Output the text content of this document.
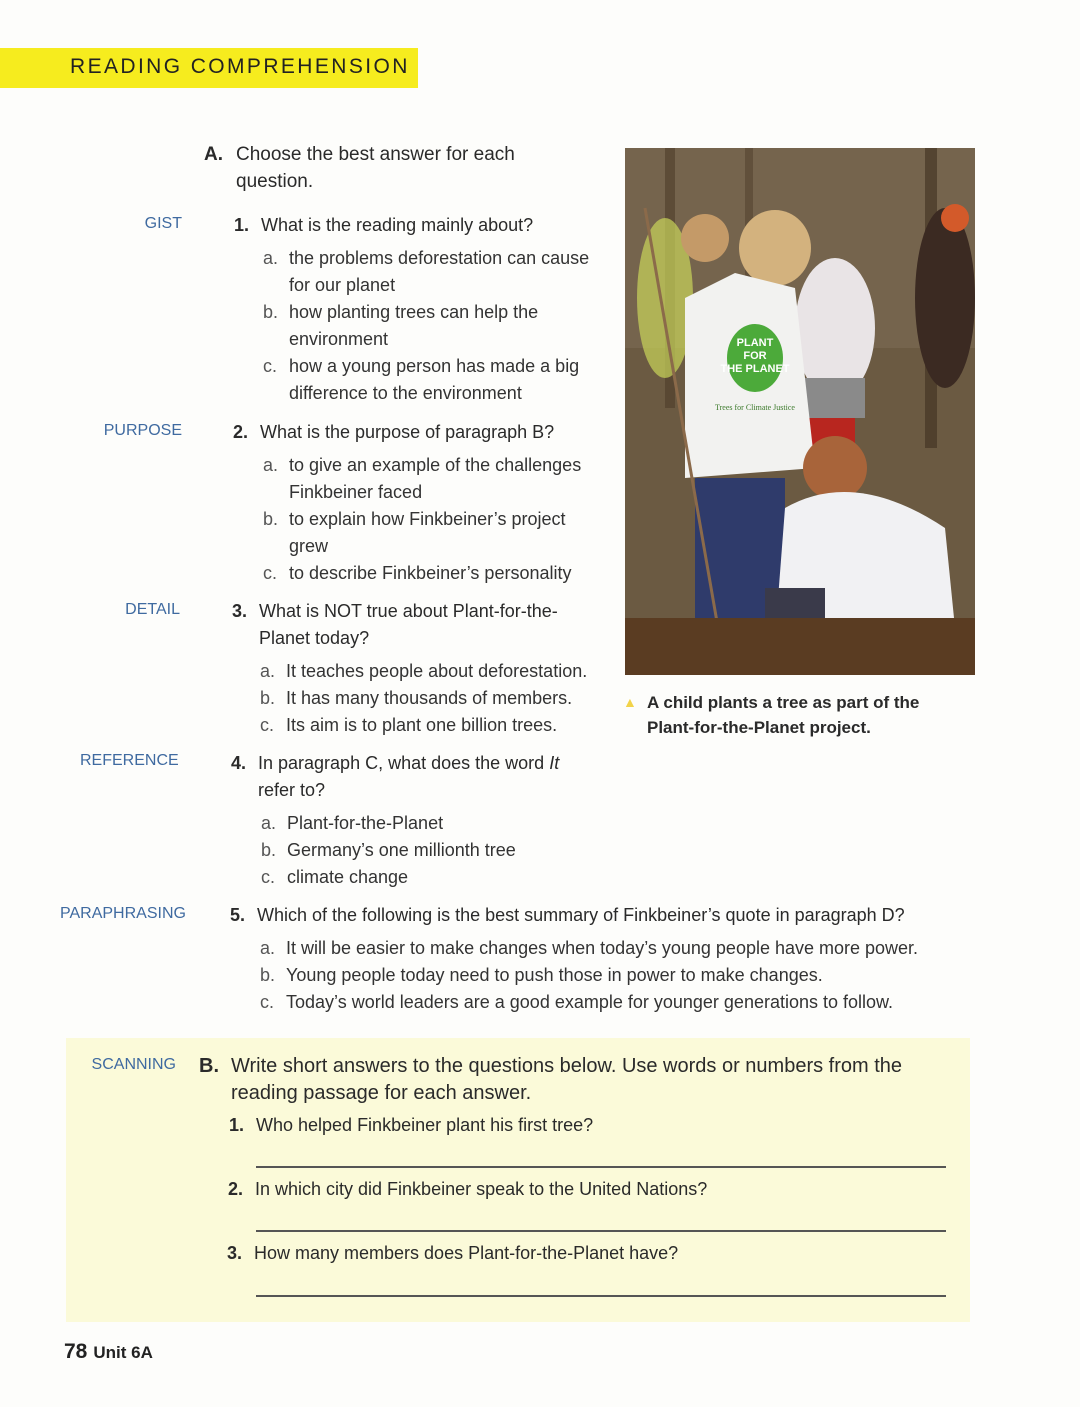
READING COMPREHENSION
A. Choose the best answer for each
question.
GIST	1. What is the reading mainly about?
a. the problems deforestation can cause
for our planet
b. how planting trees can help the
environment
c. how a young person has made a big
difference to the environment
PURPOSE	2. What is the purpose of paragraph B?
a. to give an example of the challenges
Finkbeiner faced
b. to explain how Finkbeiner’s project
grew
c. to describe Finkbeiner’s personality
DETAIL	3. What is NOT true about Plant-for-the-
Planet today?
a. It teaches people about deforestation.
b. It has many thousands of members.
c. Its aim is to plant one billion trees.
REFERENCE	4. In paragraph C, what does the word It
refer to?
a. Plant-for-the-Planet
b. Germany’s one millionth tree
c. climate change
PARAPHRASING 5. Which of the following is the best summary of Finkbeiner’s quote in paragraph D?
a. It will be easier to make changes when today’s young people have more power.
b. Young people today need to push those in power to make changes.
c. Today’s world leaders are a good example for younger generations to follow.
PLANT
FOR
THE PLANET
Trees for Climate Justice
▲ A child plants a tree as part of the
Plant-for-the-Planet project.
SCANNING B. Write short answers to the questions below. Use words or numbers from the
reading passage for each answer.
1. Who helped Finkbeiner plant his first tree?
2. In which city did Finkbeiner speak to the United Nations?
3. How many members does Plant-for-the-Planet have?
78 Unit 6A
